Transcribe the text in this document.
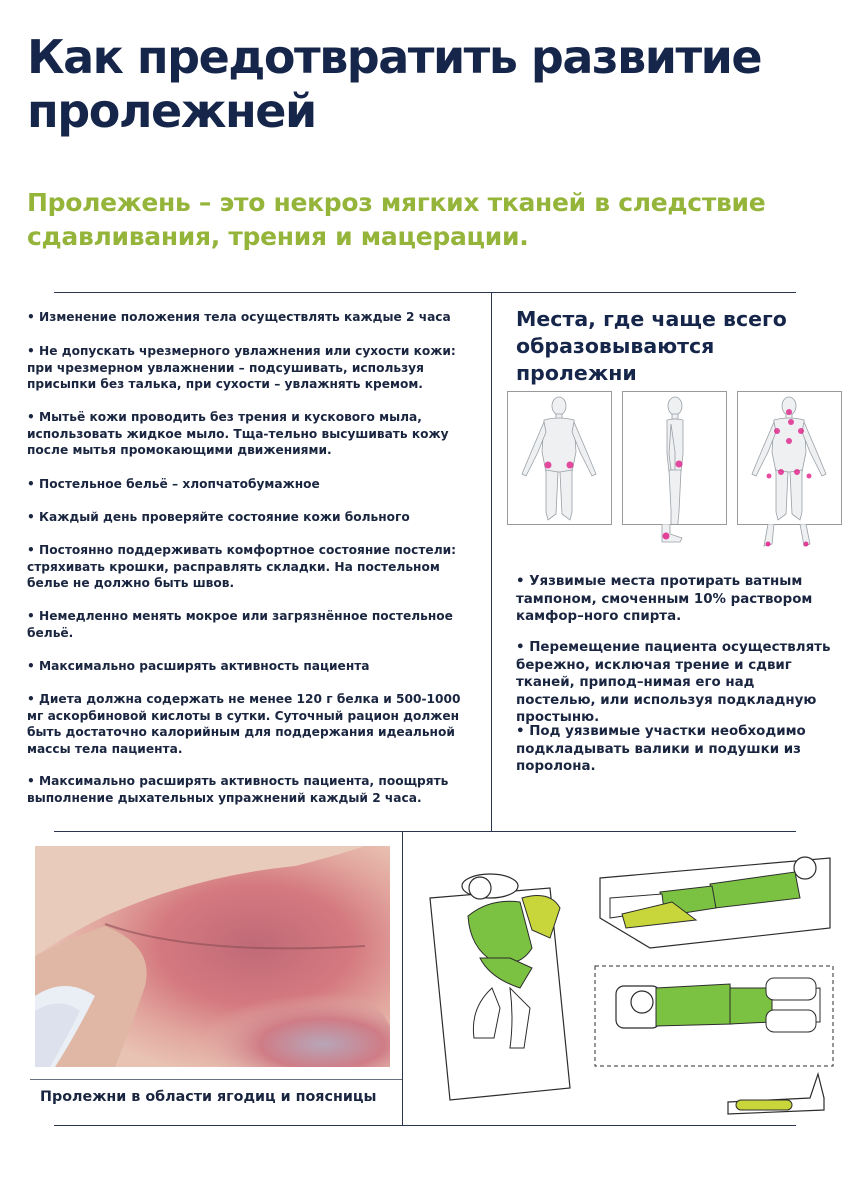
Как предотвратить развитие пролежней

Пролежень – это некроз мягких тканей в следствие сдавливания, трения и мацерации.

• Изменение положения тела осуществлять каждые 2 часа

• Не допускать чрезмерного увлажнения или сухости кожи: при чрезмерном увлажнении – подсушивать, используя присыпки без талька, при сухости – увлажнять кремом.

• Мытьё кожи проводить без трения и кускового мыла, использовать жидкое мыло. Тща-тельно высушивать кожу после мытья промокающими движениями.

• Постельное бельё – хлопчатобумажное

• Каждый день проверяйте состояние кожи больного

• Постоянно поддерживать комфортное состояние постели: стряхивать крошки, расправлять складки. На постельном белье не должно быть швов.

• Немедленно менять мокрое или загрязнённое постельное бельё.

• Максимально расширять активность пациента

• Диета должна содержать не менее 120 г белка и 500-1000 мг аскорбиновой кислоты в сутки. Суточный рацион должен быть достаточно калорийным для поддержания идеальной массы тела пациента.

• Максимально расширять активность пациента, поощрять выполнение дыхательных упражнений каждый 2 часа.

Места, где чаще всего образовываются пролежни

• Уязвимые места протирать ватным тампоном, смоченным 10% раствором камфор–ного спирта.

• Перемещение пациента осуществлять бережно, исключая трение и сдвиг тканей, припод–нимая его над постелью, или используя подкладную простыню.

• Под уязвимые участки необходимо подкладывать валики и подушки из поролона.

Пролежни в области ягодиц и поясницы
